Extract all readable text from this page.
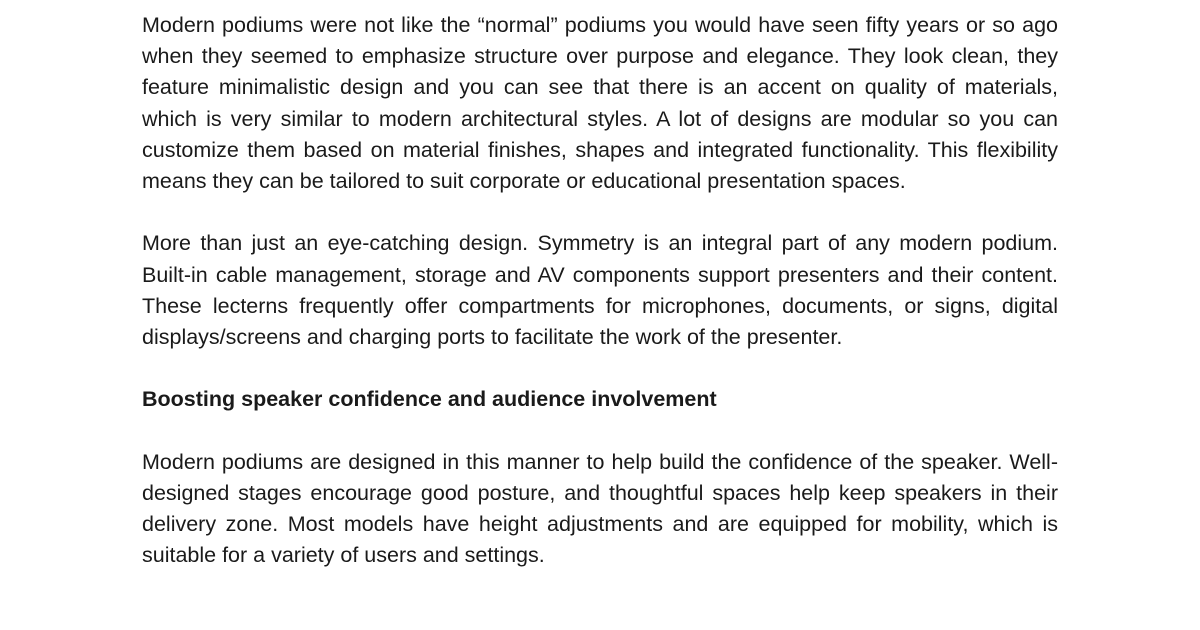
Modern podiums were not like the “normal” podiums you would have seen fifty years or so ago when they seemed to emphasize structure over purpose and elegance. They look clean, they feature minimalistic design and you can see that there is an accent on quality of materials, which is very similar to modern architectural styles. A lot of designs are modular so you can customize them based on material finishes, shapes and integrated functionality. This flexibility means they can be tailored to suit corporate or educational presentation spaces.

More than just an eye-catching design. Symmetry is an integral part of any modern podium. Built-in cable management, storage and AV components support presenters and their content. These lecterns frequently offer compartments for microphones, documents, or signs, digital displays/screens and charging ports to facilitate the work of the presenter.

Boosting speaker confidence and audience involvement

Modern podiums are designed in this manner to help build the confidence of the speaker. Well-designed stages encourage good posture, and thoughtful spaces help keep speakers in their delivery zone. Most models have height adjustments and are equipped for mobility, which is suitable for a variety of users and settings.
